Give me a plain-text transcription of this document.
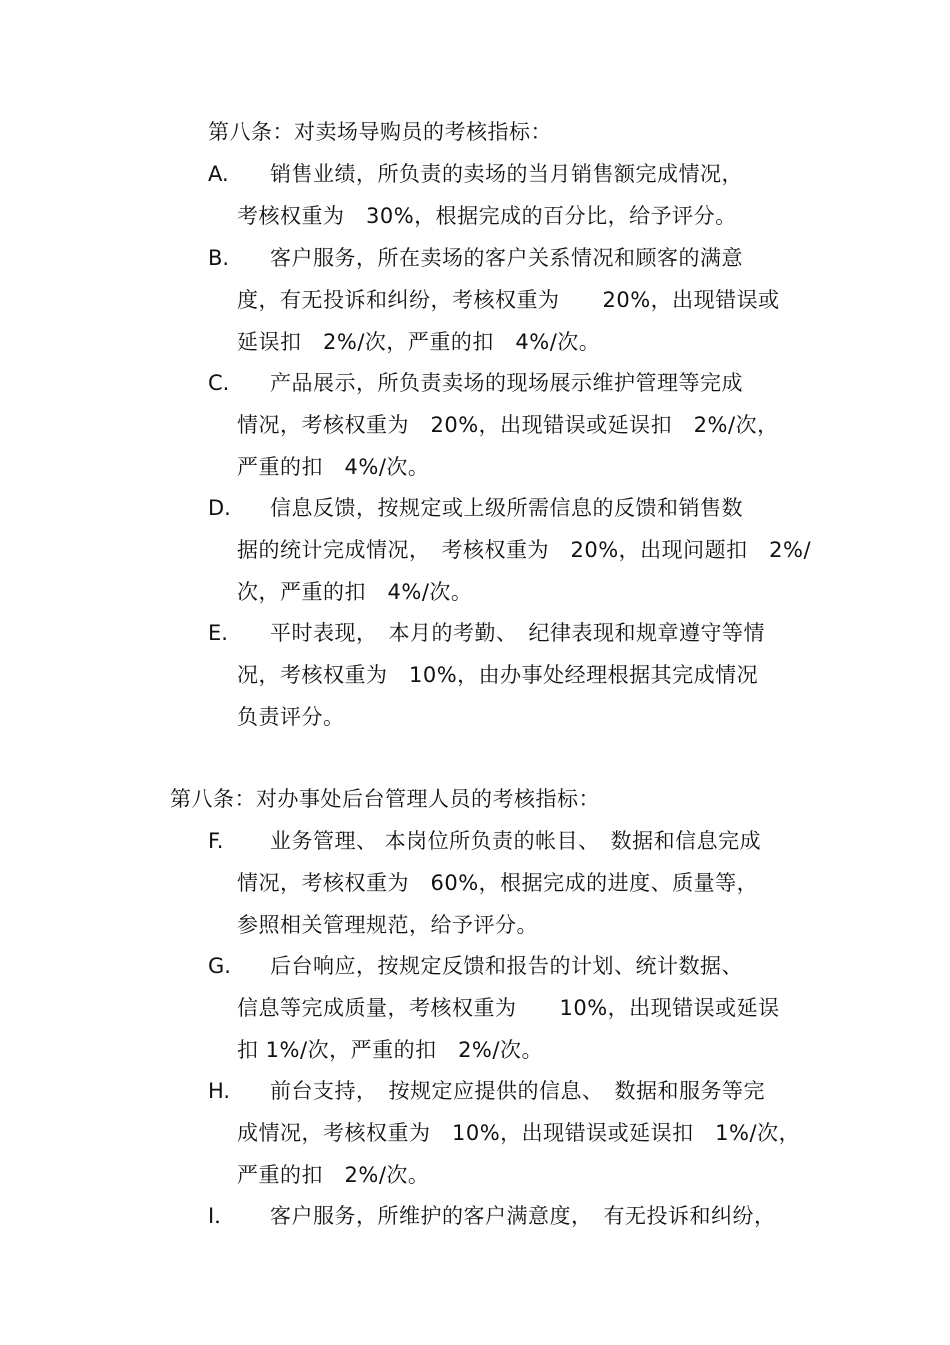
第八条：对卖场导购员的考核指标：
A. 销售业绩，所负责的卖场的当月销售额完成情况，
考核权重为　30%，根据完成的百分比，给予评分。
B. 客户服务，所在卖场的客户关系情况和顾客的满意
度，有无投诉和纠纷，考核权重为　　20%，出现错误或
延误扣　2%/次，严重的扣　4%/次。
C. 产品展示，所负责卖场的现场展示维护管理等完成
情况，考核权重为　20%，出现错误或延误扣　2%/次，
严重的扣　4%/次。
D. 信息反馈，按规定或上级所需信息的反馈和销售数
据的统计完成情况，　考核权重为　20%，出现问题扣　2%/
次，严重的扣　4%/次。
E. 平时表现，　本月的考勤、　纪律表现和规章遵守等情
况，考核权重为　10%，由办事处经理根据其完成情况
负责评分。
第八条：对办事处后台管理人员的考核指标：
F. 业务管理、 本岗位所负责的帐目、　数据和信息完成
情况，考核权重为　60%，根据完成的进度、质量等，
参照相关管理规范，给予评分。
G. 后台响应，按规定反馈和报告的计划、统计数据、
信息等完成质量，考核权重为　　10%，出现错误或延误
扣 1%/次，严重的扣　2%/次。
H. 前台支持，　按规定应提供的信息、　数据和服务等完
成情况，考核权重为　10%，出现错误或延误扣　1%/次，
严重的扣　2%/次。
I． 客户服务，所维护的客户满意度，　有无投诉和纠纷，
